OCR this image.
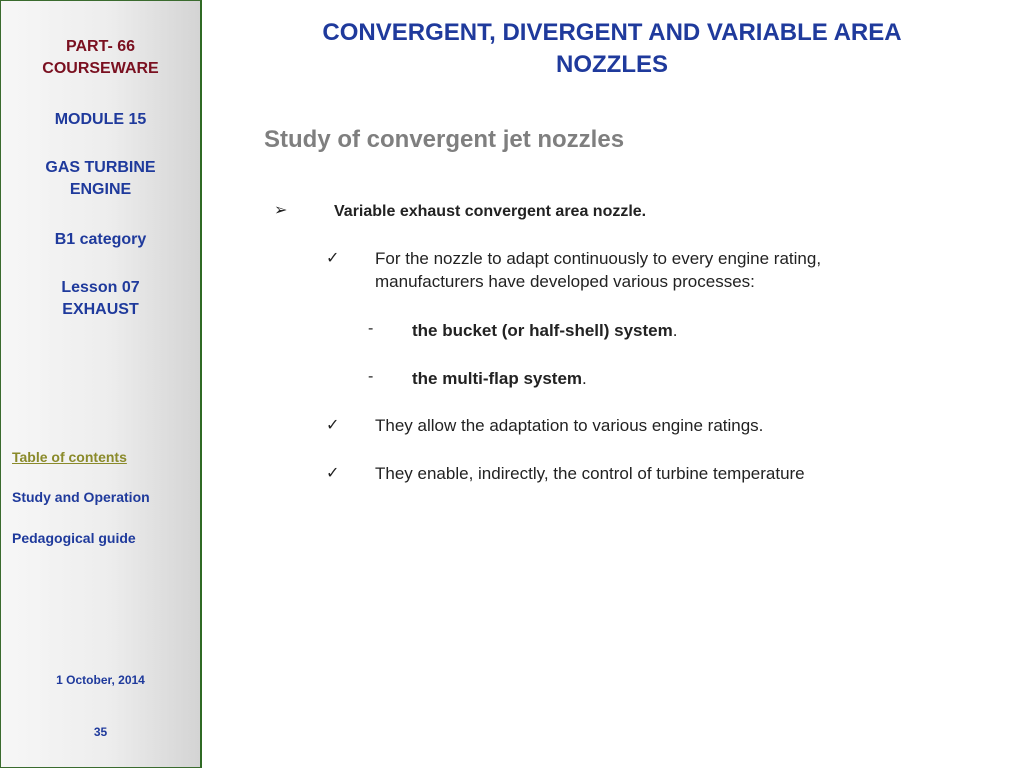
PART- 66
COURSEWARE
MODULE 15
GAS TURBINE
ENGINE
B1 category
Lesson 07
EXHAUST
Table of contents
Study and Operation
Pedagogical guide
1 October, 2014
35
CONVERGENT, DIVERGENT AND VARIABLE AREA
NOZZLES
Study of convergent jet nozzles
➢	Variable exhaust convergent area nozzle.
✓ For the nozzle to adapt continuously to every engine rating,
manufacturers have developed various processes:
- the bucket (or half-shell) system.
- the multi-flap system.
✓ They allow the adaptation to various engine ratings.
✓ They enable, indirectly, the control of turbine temperature
